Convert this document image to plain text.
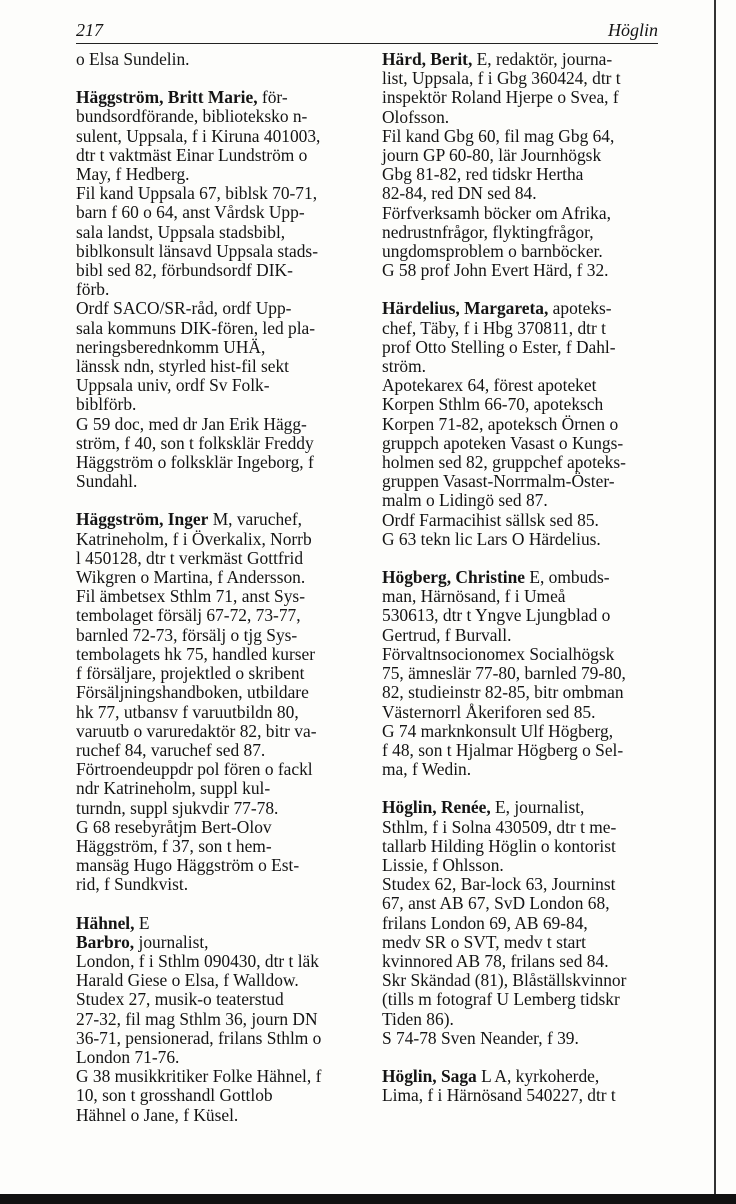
217	Höglin

o Elsa Sundelin.

Häggström, Britt Marie, för-
bundsordförande, biblioteksko n-
sulent, Uppsala, f i Kiruna 401003,
dtr t vaktmäst Einar Lundström o
May, f Hedberg.

Fil kand Uppsala 67, biblsk 70-71,
barn f 60 o 64, anst Vårdsk Upp-
sala landst, Uppsala stadsbibl,
biblkonsult länsavd Uppsala stads-
bibl sed 82, förbundsordf DIK-
förb.

Ordf SACO/SR-råd, ordf Upp-
sala kommuns DIK-fören, led pla-
neringsberednkomm UHÄ,
länssk ndn, styrled hist-fil sekt
Uppsala univ, ordf Sv Folk-
biblförb.

G 59 doc, med dr Jan Erik Hägg-
ström, f 40, son t folksklär Freddy
Häggström o folksklär Ingeborg, f
Sundahl.

Häggström, Inger M, varuchef,
Katrineholm, f i Överkalix, Norrb
l 450128, dtr t verkmäst Gottfrid
Wikgren o Martina, f Andersson.

Fil ämbetsex Sthlm 71, anst Sys-
tembolaget försälj 67-72, 73-77,
barnled 72-73, försälj o tjg Sys-
tembolagets hk 75, handled kurser
f försäljare, projektled o skribent
Försäljningshandboken, utbildare
hk 77, utbansv f varuutbildn 80,
varuutb o varuredaktör 82, bitr va-
ruchef 84, varuchef sed 87.

Förtroendeuppdr pol fören o fackl
ndr Katrineholm, suppl kul-
turndn, suppl sjukvdir 77-78.

G 68 resebyråtjm Bert-Olov
Häggström, f 37, son t hem-
mansäg Hugo Häggström o Est-
rid, f Sundkvist.

Hähnel, E
Barbro, journalist,
London, f i Sthlm 090430, dtr t läk
Harald Giese o Elsa, f Walldow.

Studex 27, musik-o teaterstud
27-32, fil mag Sthlm 36, journ DN
36-71, pensionerad, frilans Sthlm o
London 71-76.

G 38 musikkritiker Folke Hähnel, f
10, son t grosshandl Gottlob
Hähnel o Jane, f Küsel.

Härd, Berit, E, redaktör, journa-
list, Uppsala, f i Gbg 360424, dtr t
inspektör Roland Hjerpe o Svea, f
Olofsson.

Fil kand Gbg 60, fil mag Gbg 64,
journ GP 60-80, lär Journhögsk
Gbg 81-82, red tidskr Hertha
82-84, red DN sed 84.

Förfverksamh böcker om Afrika,
nedrustnfrågor, flyktingfrågor,
ungdomsproblem o barnböcker.

G 58 prof John Evert Härd, f 32.

Härdelius, Margareta, apoteks-
chef, Täby, f i Hbg 370811, dtr t
prof Otto Stelling o Ester, f Dahl-
ström.

Apotekarex 64, förest apoteket
Korpen Sthlm 66-70, apoteksch
Korpen 71-82, apoteksch Örnen o
gruppch apoteken Vasast o Kungs-
holmen sed 82, gruppchef apoteks-
gruppen Vasast-Norrmalm-Öster-
malm o Lidingö sed 87.

Ordf Farmacihist sällsk sed 85.

G 63 tekn lic Lars O Härdelius.

Högberg, Christine E, ombuds-
man, Härnösand, f i Umeå
530613, dtr t Yngve Ljungblad o
Gertrud, f Burvall.

Förvaltnsocionomex Socialhögsk
75, ämneslär 77-80, barnled 79-80,
82, studieinstr 82-85, bitr ombman
Västernorrl Åkeriforen sed 85.

G 74 marknkonsult Ulf Högberg,
f 48, son t Hjalmar Högberg o Sel-
ma, f Wedin.

Höglin, Renée, E, journalist,
Sthlm, f i Solna 430509, dtr t me-
tallarb Hilding Höglin o kontorist
Lissie, f Ohlsson.

Studex 62, Bar-lock 63, Journinst
67, anst AB 67, SvD London 68,
frilans London 69, AB 69-84,
medv SR o SVT, medv t start
kvinnored AB 78, frilans sed 84.

Skr Skändad (81), Blåställskvinnor
(tills m fotograf U Lemberg tidskr
Tiden 86).

S 74-78 Sven Neander, f 39.

Höglin, Saga L A, kyrkoherde,
Lima, f i Härnösand 540227, dtr t
